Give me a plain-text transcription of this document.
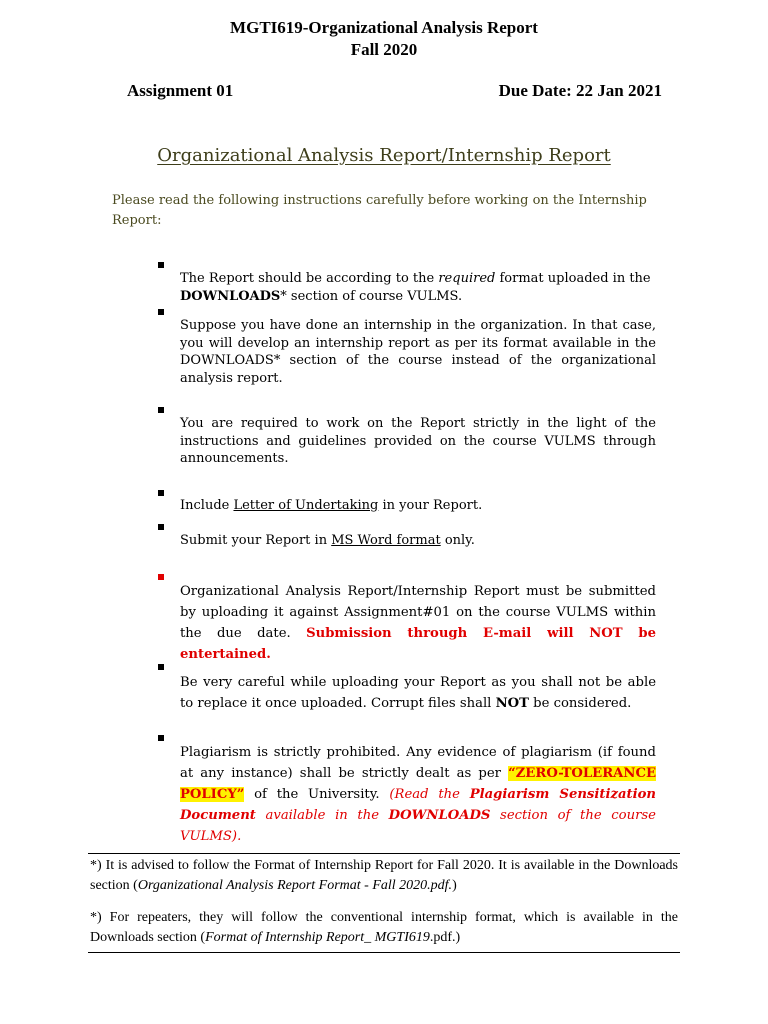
MGTI619-Organizational Analysis Report
Fall 2020
Assignment 01	Due Date: 22 Jan 2021
Organizational Analysis Report/Internship Report
Please read the following instructions carefully before working on the Internship
Report:
The Report should be according to the required format uploaded in the
DOWNLOADS* section of course VULMS.
Suppose you have done an internship in the organization. In that case, you will develop an internship report as per its format available in the DOWNLOADS* section of the course instead of the organizational analysis report.
You are required to work on the Report strictly in the light of the instructions and guidelines provided on the course VULMS through announcements.
Include Letter of Undertaking in your Report.
Submit your Report in MS Word format only.
Organizational Analysis Report/Internship Report must be submitted by uploading it against Assignment#01 on the course VULMS within the due date. Submission through E-mail will NOT be entertained.
Be very careful while uploading your Report as you shall not be able to replace it once uploaded. Corrupt files shall NOT be considered.
Plagiarism is strictly prohibited. Any evidence of plagiarism (if found at any instance) shall be strictly dealt as per “ZERO-TOLERANCE POLICY” of the University. (Read the Plagiarism Sensitization Document available in the DOWNLOADS section of the course VULMS).
*) It is advised to follow the Format of Internship Report for Fall 2020. It is available in the Downloads section (Organizational Analysis Report Format - Fall 2020.pdf.)
*) For repeaters, they will follow the conventional internship format, which is available in the Downloads section (Format of Internship Report_ MGTI619.pdf.)
